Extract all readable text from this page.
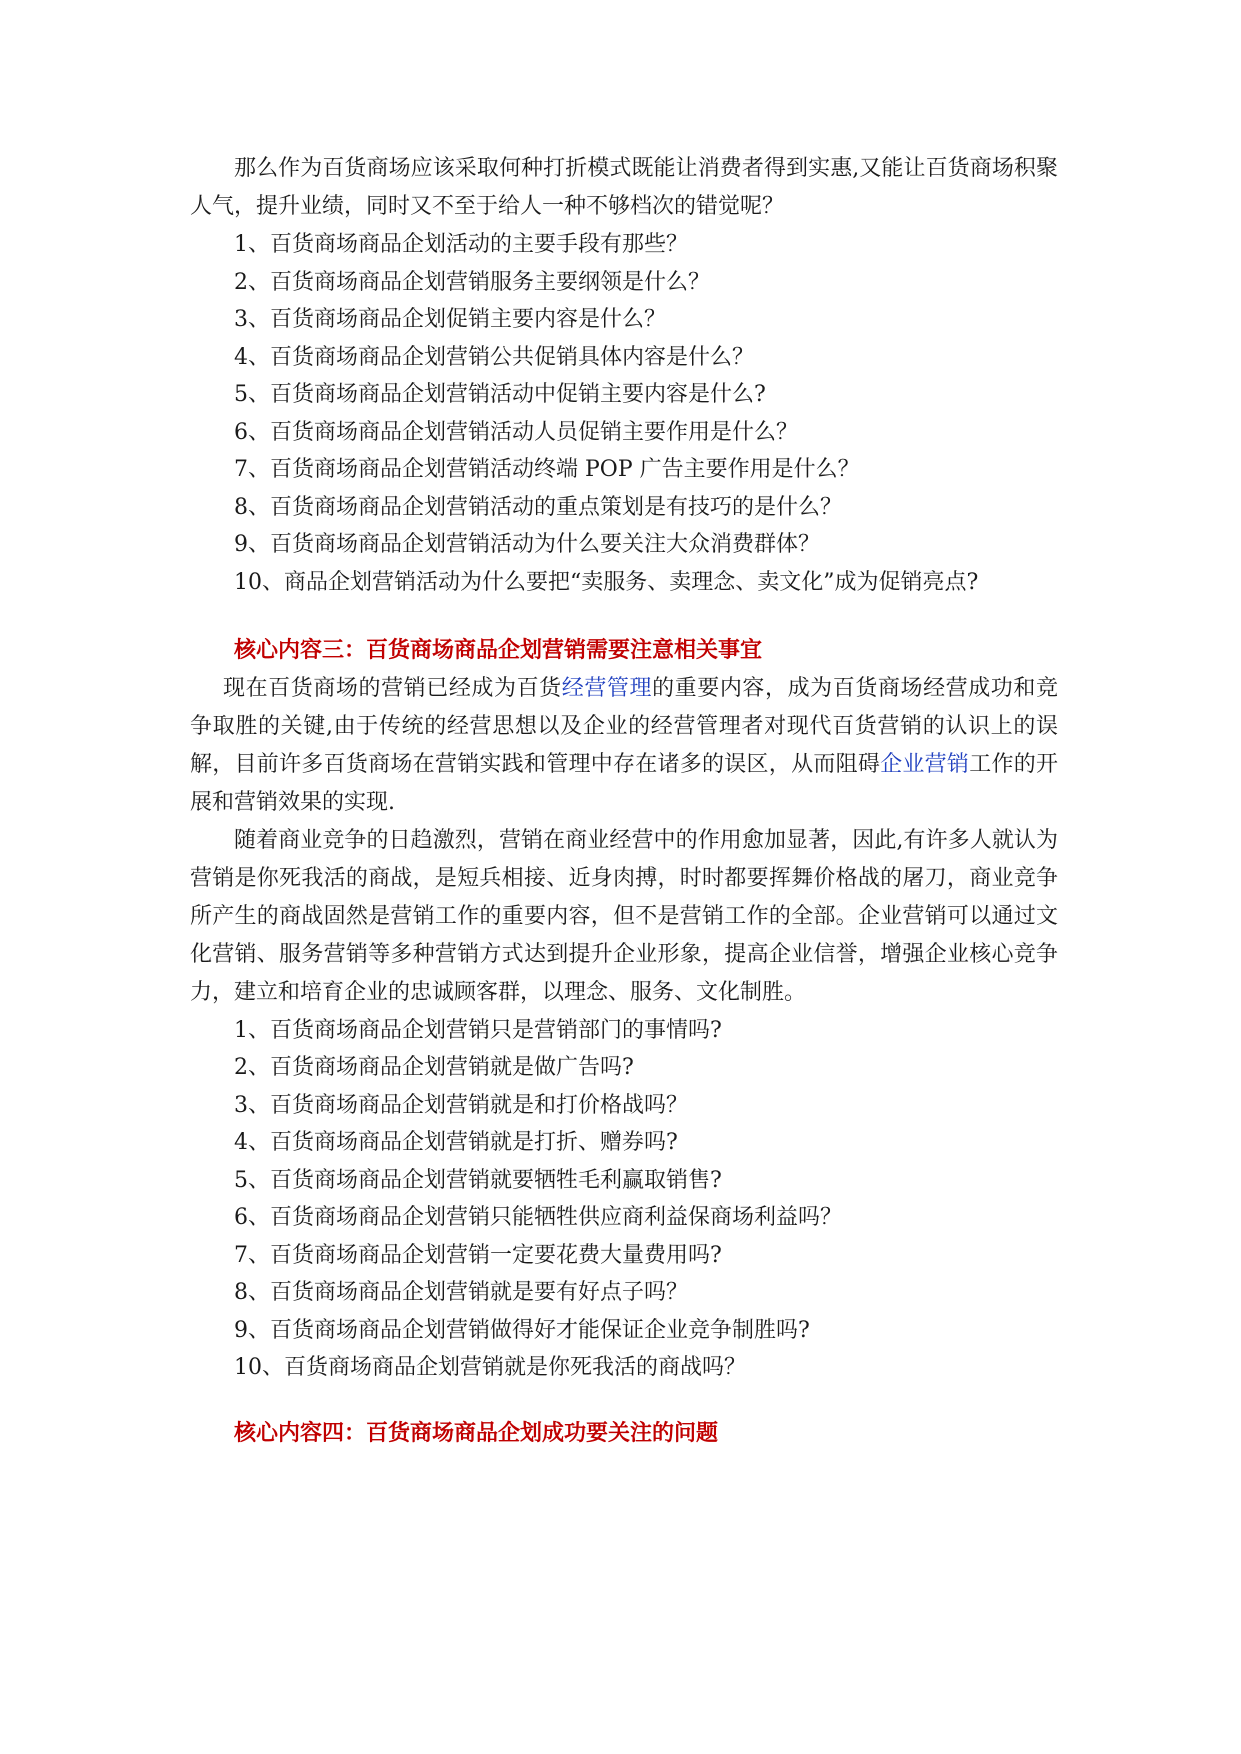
那么作为百货商场应该采取何种打折模式既能让消费者得到实惠,又能让百货商场积聚人气，提升业绩，同时又不至于给人一种不够档次的错觉呢？

1、百货商场商品企划活动的主要手段有那些？
2、百货商场商品企划营销服务主要纲领是什么？
3、百货商场商品企划促销主要内容是什么？
4、百货商场商品企划营销公共促销具体内容是什么？
5、百货商场商品企划营销活动中促销主要内容是什么?
6、百货商场商品企划营销活动人员促销主要作用是什么？
7、百货商场商品企划营销活动终端 POP 广告主要作用是什么？
8、百货商场商品企划营销活动的重点策划是有技巧的是什么？
9、百货商场商品企划营销活动为什么要关注大众消费群体？

10、商品企划营销活动为什么要把“卖服务、卖理念、卖文化”成为促销亮点?

核心内容三：百货商场商品企划营销需要注意相关事宜

现在百货商场的营销已经成为百货经营管理的重要内容，成为百货商场经营成功和竞争取胜的关键,由于传统的经营思想以及企业的经营管理者对现代百货营销的认识上的误解，目前许多百货商场在营销实践和管理中存在诸多的误区，从而阻碍企业营销工作的开展和营销效果的实现.

随着商业竞争的日趋激烈，营销在商业经营中的作用愈加显著，因此,有许多人就认为营销是你死我活的商战，是短兵相接、近身肉搏，时时都要挥舞价格战的屠刀，商业竞争所产生的商战固然是营销工作的重要内容，但不是营销工作的全部。企业营销可以通过文化营销、服务营销等多种营销方式达到提升企业形象，提高企业信誉，增强企业核心竞争力，建立和培育企业的忠诚顾客群，以理念、服务、文化制胜。

1、百货商场商品企划营销只是营销部门的事情吗?
2、百货商场商品企划营销就是做广告吗?
3、百货商场商品企划营销就是和打价格战吗？
4、百货商场商品企划营销就是打折、赠券吗?
5、百货商场商品企划营销就要牺牲毛利赢取销售?
6、百货商场商品企划营销只能牺牲供应商利益保商场利益吗？
7、百货商场商品企划营销一定要花费大量费用吗?
8、百货商场商品企划营销就是要有好点子吗？
9、百货商场商品企划营销做得好才能保证企业竞争制胜吗?
10、百货商场商品企划营销就是你死我活的商战吗？
核心内容四：百货商场商品企划成功要关注的问题
